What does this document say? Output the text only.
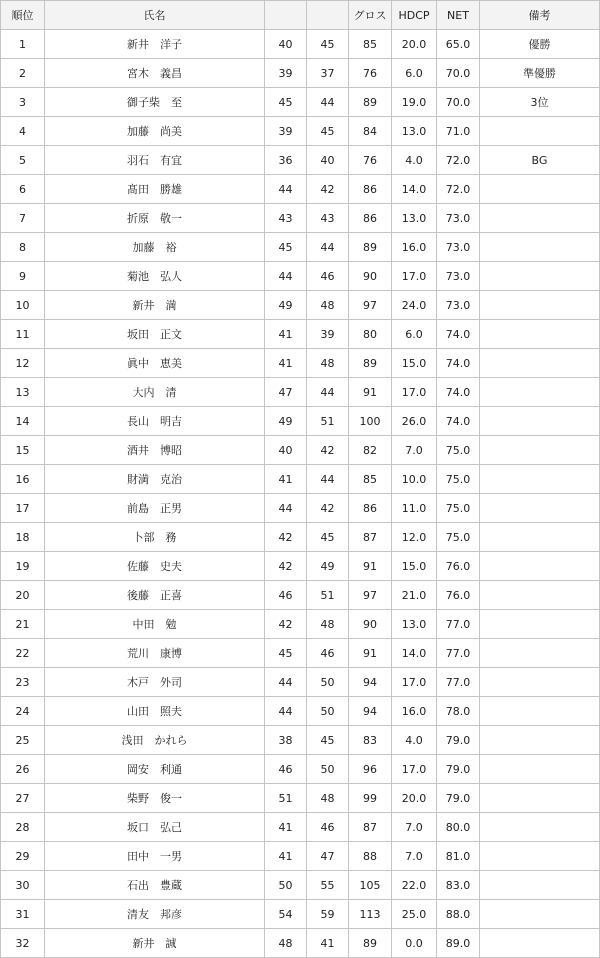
順位	氏名			グロス	HDCP	NET	備考
1	新井　洋子	40	45	85	20.0	65.0	優勝
2	宮木　義昌	39	37	76	6.0	70.0	準優勝
3	御子柴　至	45	44	89	19.0	70.0	3位
4	加藤　尚美	39	45	84	13.0	71.0	
5	羽石　有宜	36	40	76	4.0	72.0	BG
6	髙田　勝雄	44	42	86	14.0	72.0	
7	折原　敬一	43	43	86	13.0	73.0	
8	加藤　裕	45	44	89	16.0	73.0	
9	菊池　弘人	44	46	90	17.0	73.0	
10	新井　満	49	48	97	24.0	73.0	
11	坂田　正文	41	39	80	6.0	74.0	
12	眞中　恵美	41	48	89	15.0	74.0	
13	大内　清	47	44	91	17.0	74.0	
14	長山　明吉	49	51	100	26.0	74.0	
15	酒井　博昭	40	42	82	7.0	75.0	
16	財満　克治	41	44	85	10.0	75.0	
17	前島　正男	44	42	86	11.0	75.0	
18	卜部　務	42	45	87	12.0	75.0	
19	佐藤　史夫	42	49	91	15.0	76.0	
20	後藤　正喜	46	51	97	21.0	76.0	
21	中田　勉	42	48	90	13.0	77.0	
22	荒川　康博	45	46	91	14.0	77.0	
23	木戸　外司	44	50	94	17.0	77.0	
24	山田　照夫	44	50	94	16.0	78.0	
25	浅田　かれら	38	45	83	4.0	79.0	
26	岡安　利通	46	50	96	17.0	79.0	
27	柴野　俊一	51	48	99	20.0	79.0	
28	坂口　弘己	41	46	87	7.0	80.0	
29	田中　一男	41	47	88	7.0	81.0	
30	石出　豊蔵	50	55	105	22.0	83.0	
31	清友　邦彦	54	59	113	25.0	88.0	
32	新井　誠	48	41	89	0.0	89.0	
